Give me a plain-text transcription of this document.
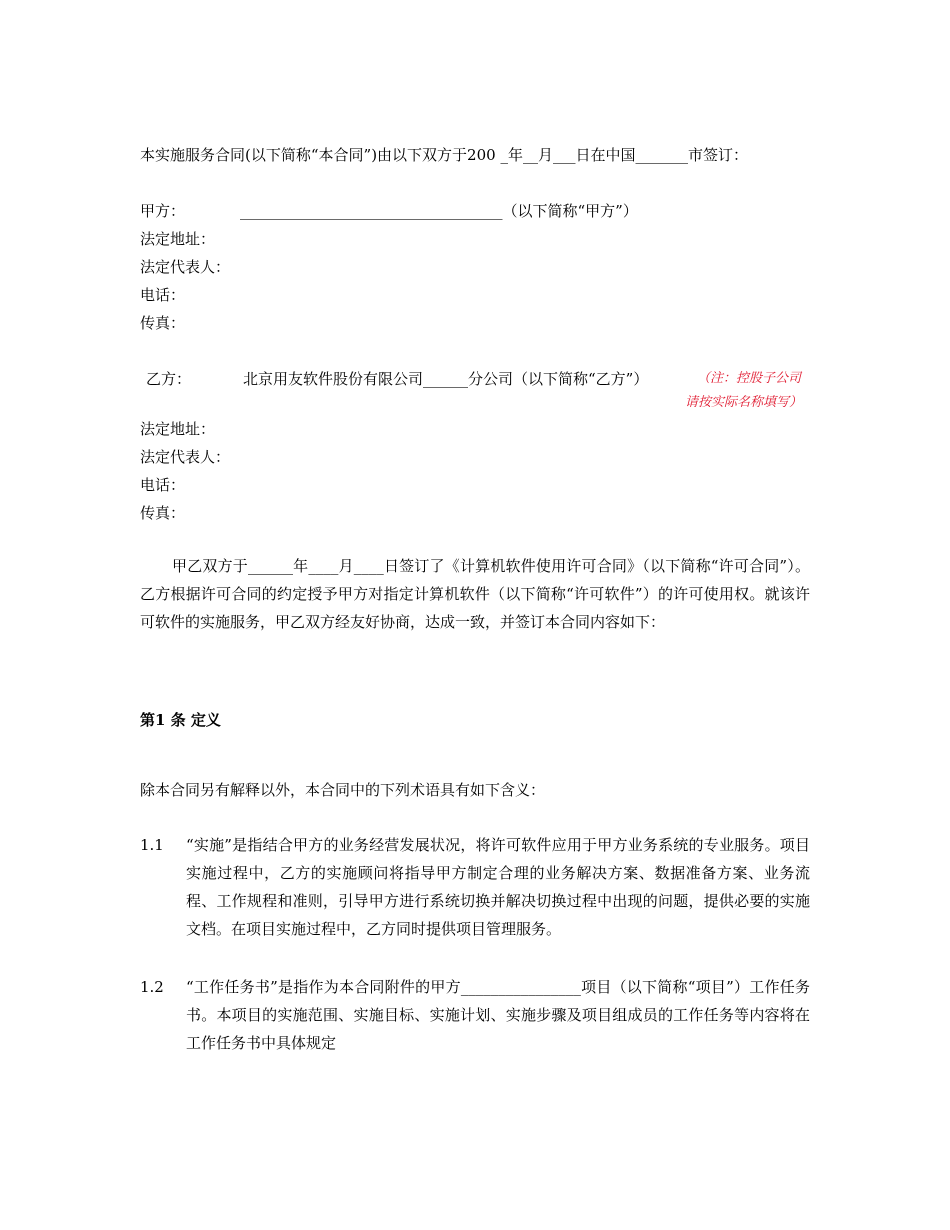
本实施服务合同(以下简称“本合同”)由以下双方于200 _年__月___日在中国_______市签订：
甲方：	___________________________________（以下简称“甲方”）
法定地址：
法定代表人：
电话：
传真：
乙方：	北京用友软件股份有限公司______分公司（以下简称“乙方”）	（注：控股子公司
请按实际名称填写）
法定地址：
法定代表人：
电话：
传真：
甲乙双方于______年____月____日签订了《计算机软件使用许可合同》（以下简称“许可合同”）。乙方根据许可合同的约定授予甲方对指定计算机软件（以下简称“许可软件”）的许可使用权。就该许可软件的实施服务，甲乙双方经友好协商，达成一致，并签订本合同内容如下：
第1 条 定义
除本合同另有解释以外，本合同中的下列术语具有如下含义：
1.1 “实施”是指结合甲方的业务经营发展状况，将许可软件应用于甲方业务系统的专业服务。项目实施过程中，乙方的实施顾问将指导甲方制定合理的业务解决方案、数据准备方案、业务流程、工作规程和准则，引导甲方进行系统切换并解决切换过程中出现的问题，提供必要的实施文档。在项目实施过程中，乙方同时提供项目管理服务。
1.2 “工作任务书”是指作为本合同附件的甲方________________项目（以下简称“项目”）工作任务书。本项目的实施范围、实施目标、实施计划、实施步骤及项目组成员的工作任务等内容将在工作任务书中具体规定
